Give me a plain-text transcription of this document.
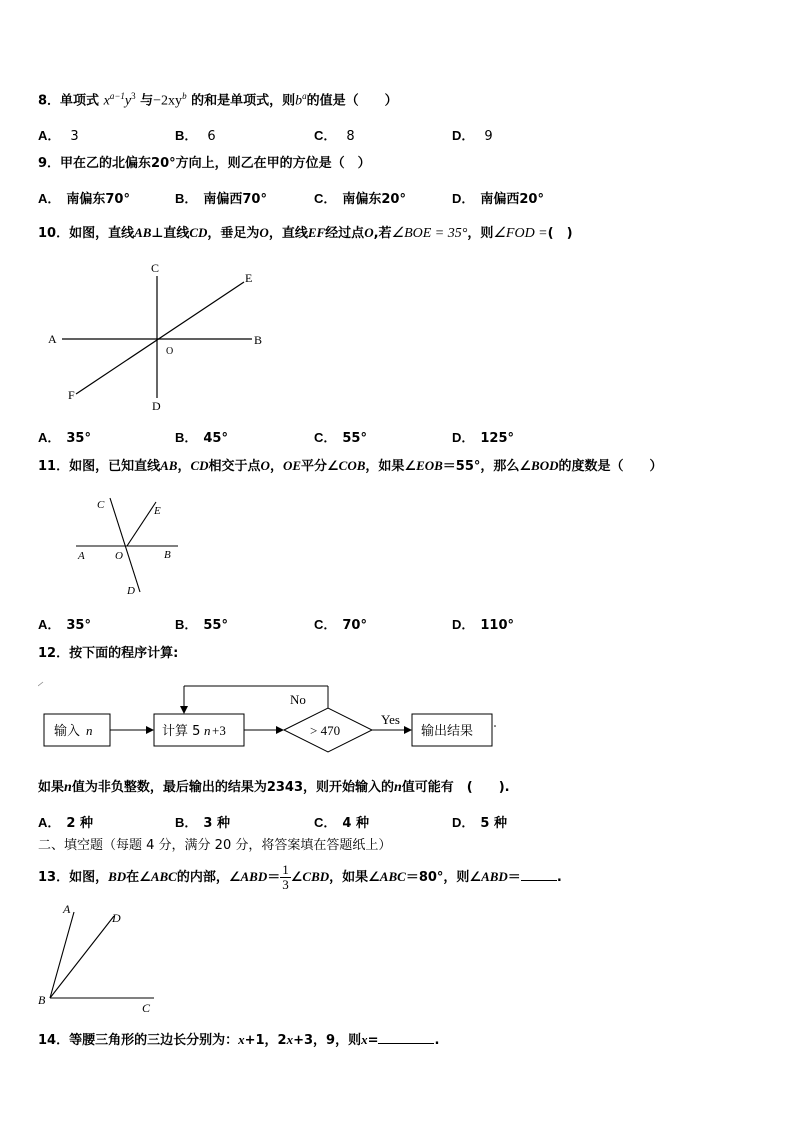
8．单项式 $x^{a-1}y^3$ 与$-2xy^b$ 的和是单项式，则$b^a$的值是（　　）
A． 3	B． 6	C． 8	D． 9
9．甲在乙的北偏东20°方向上，则乙在甲的方位是（　）
A． 南偏东70°	B． 南偏西70°	C． 南偏东20°	D． 南偏西20°
10．如图，直线AB⊥直线CD，垂足为O，直线EF经过点O,若∠BOE = 35°，则∠FOD =(　)
A	B
C
D
E
F
O
A． 35°	B． 45°	C． 55°	D． 125°
11．如图，已知直线AB，CD相交于点O，OE平分∠COB，如果∠EOB＝55°，那么∠BOD的度数是（　　）
C	E
A	O	B
D
A． 35°	B． 55°	C． 70°	D． 110°
12．按下面的程序计算:
输入 n	计算 5 n +3	> 470
No
Yes
输出结果
如果n值为非负整数，最后输出的结果为2343，则开始输入的n值可能有　(　　).
A． 2 种	B． 3 种	C． 4 种	D． 5 种
二、填空题（每题 4 分，满分 20 分，将答案填在答题纸上）
13．如图，BD在∠ABC的内部，∠ABD＝ $\frac{1}{3}$ ∠CBD，如果∠ABC＝80°，则∠ABD＝	.
A
D
B
C
14．等腰三角形的三边长分别为：x+1，2x+3，9，则x=	.
